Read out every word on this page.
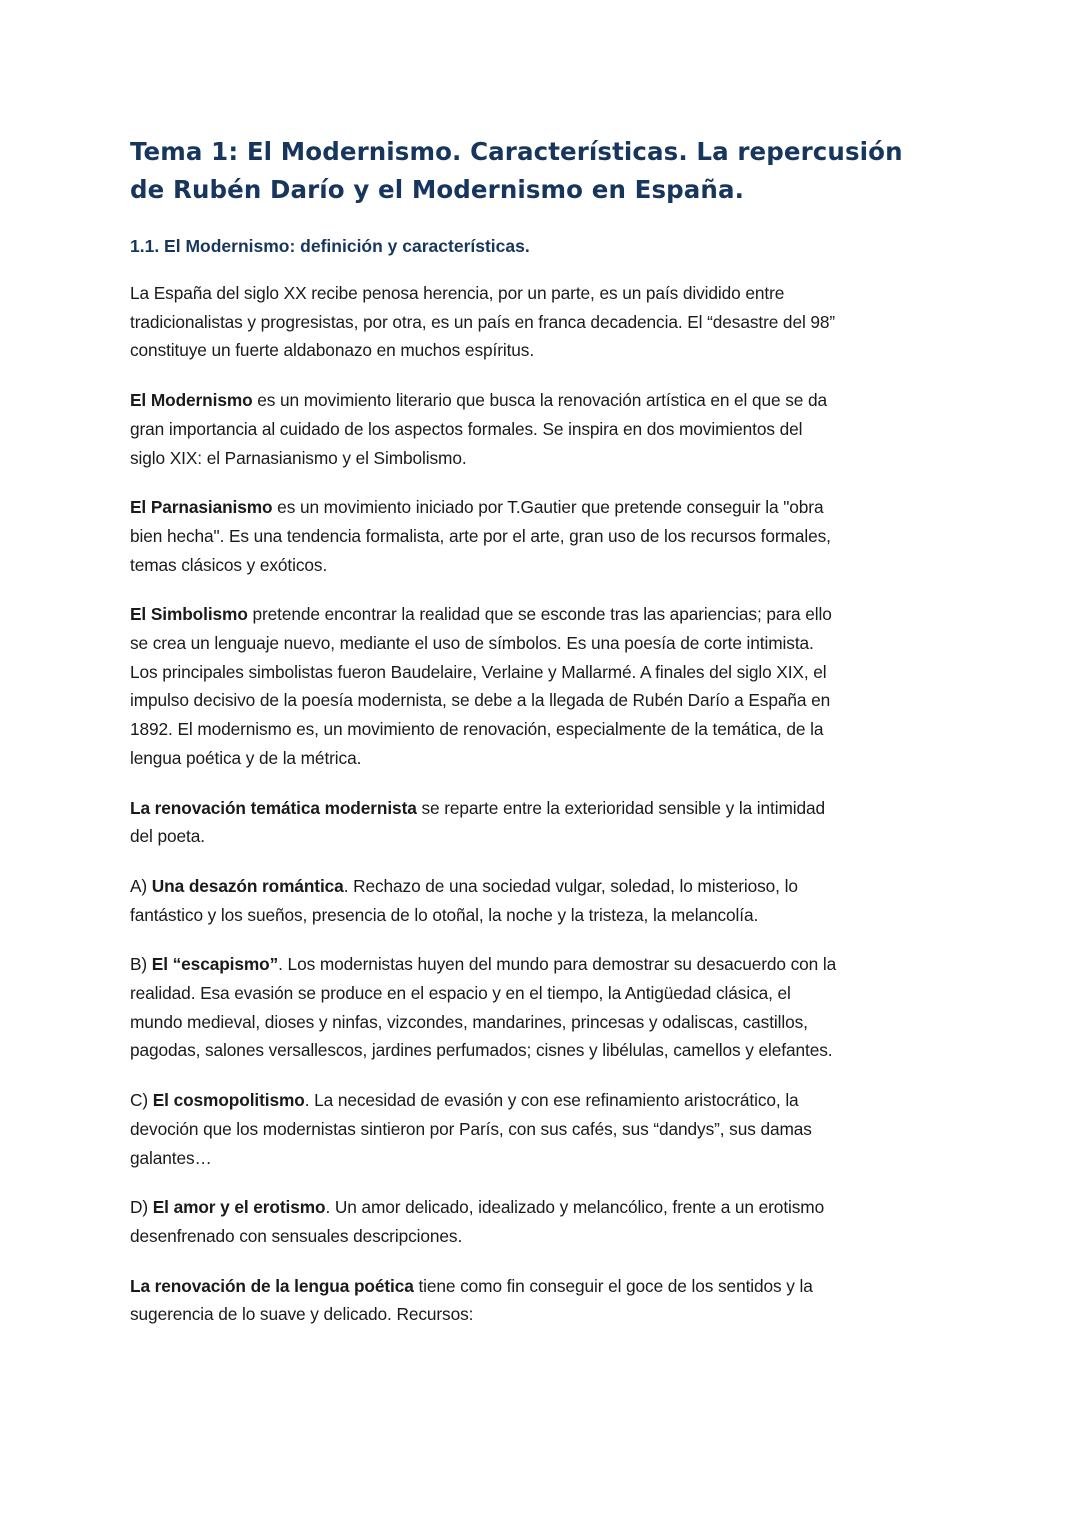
Tema 1: El Modernismo. Características. La repercusión
de Rubén Darío y el Modernismo en España.
1.1. El Modernismo: definición y características.

La España del siglo XX recibe penosa herencia, por un parte, es un país dividido entre
tradicionalistas y progresistas, por otra, es un país en franca decadencia. El “desastre del 98”
constituye un fuerte aldabonazo en muchos espíritus.

El Modernismo es un movimiento literario que busca la renovación artística en el que se da
gran importancia al cuidado de los aspectos formales. Se inspira en dos movimientos del
siglo XIX: el Parnasianismo y el Simbolismo.

El Parnasianismo es un movimiento iniciado por T.Gautier que pretende conseguir la "obra
bien hecha". Es una tendencia formalista, arte por el arte, gran uso de los recursos formales,
temas clásicos y exóticos.

El Simbolismo pretende encontrar la realidad que se esconde tras las apariencias; para ello
se crea un lenguaje nuevo, mediante el uso de símbolos. Es una poesía de corte intimista.
Los principales simbolistas fueron Baudelaire, Verlaine y Mallarmé. A finales del siglo XIX, el
impulso decisivo de la poesía modernista, se debe a la llegada de Rubén Darío a España en
1892. El modernismo es, un movimiento de renovación, especialmente de la temática, de la
lengua poética y de la métrica.

La renovación temática modernista se reparte entre la exterioridad sensible y la intimidad
del poeta.

A) Una desazón romántica. Rechazo de una sociedad vulgar, soledad, lo misterioso, lo
fantástico y los sueños, presencia de lo otoñal, la noche y la tristeza, la melancolía.

B) El “escapismo”. Los modernistas huyen del mundo para demostrar su desacuerdo con la
realidad. Esa evasión se produce en el espacio y en el tiempo, la Antigüedad clásica, el
mundo medieval, dioses y ninfas, vizcondes, mandarines, princesas y odaliscas, castillos,
pagodas, salones versallescos, jardines perfumados; cisnes y libélulas, camellos y elefantes.

C) El cosmopolitismo. La necesidad de evasión y con ese refinamiento aristocrático, la
devoción que los modernistas sintieron por París, con sus cafés, sus “dandys”, sus damas
galantes…

D) El amor y el erotismo. Un amor delicado, idealizado y melancólico, frente a un erotismo
desenfrenado con sensuales descripciones.

La renovación de la lengua poética tiene como fin conseguir el goce de los sentidos y la
sugerencia de lo suave y delicado. Recursos:
